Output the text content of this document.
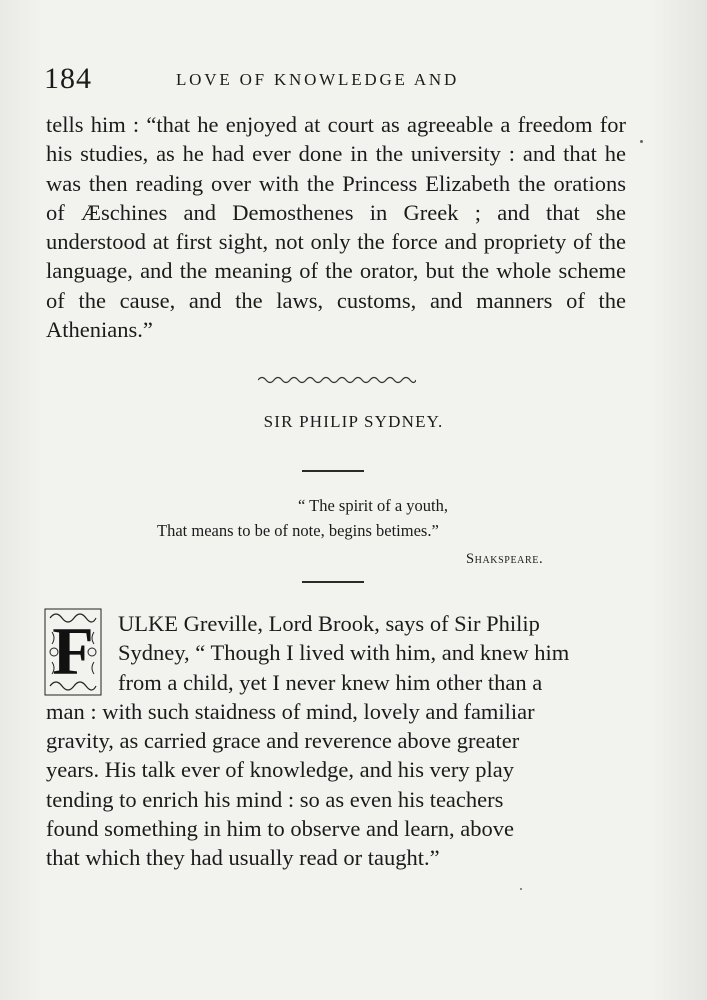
184	LOVE OF KNOWLEDGE AND
tells him : “that he enjoyed at court as agreeable a freedom for his studies, as he had ever done in the university : and that he was then reading over with the Princess Elizabeth the orations of Æschines and Demosthenes in Greek ; and that she understood at first sight, not only the force and propriety of the language, and the meaning of the orator, but the whole scheme of the cause, and the laws, customs, and manners of the Athenians.”
SIR PHILIP SYDNEY.
“ The spirit of a youth,
That means to be of note, begins betimes.”
Shakspeare.
F	ULKE Greville, Lord Brook, says of Sir Philip
Sydney, “ Though I lived with him, and knew him
from a child, yet I never knew him other than a
man : with such staidness of mind, lovely and familiar
gravity, as carried grace and reverence above greater
years. His talk ever of knowledge, and his very play
tending to enrich his mind : so as even his teachers
found something in him to observe and learn, above
that which they had usually read or taught.”
